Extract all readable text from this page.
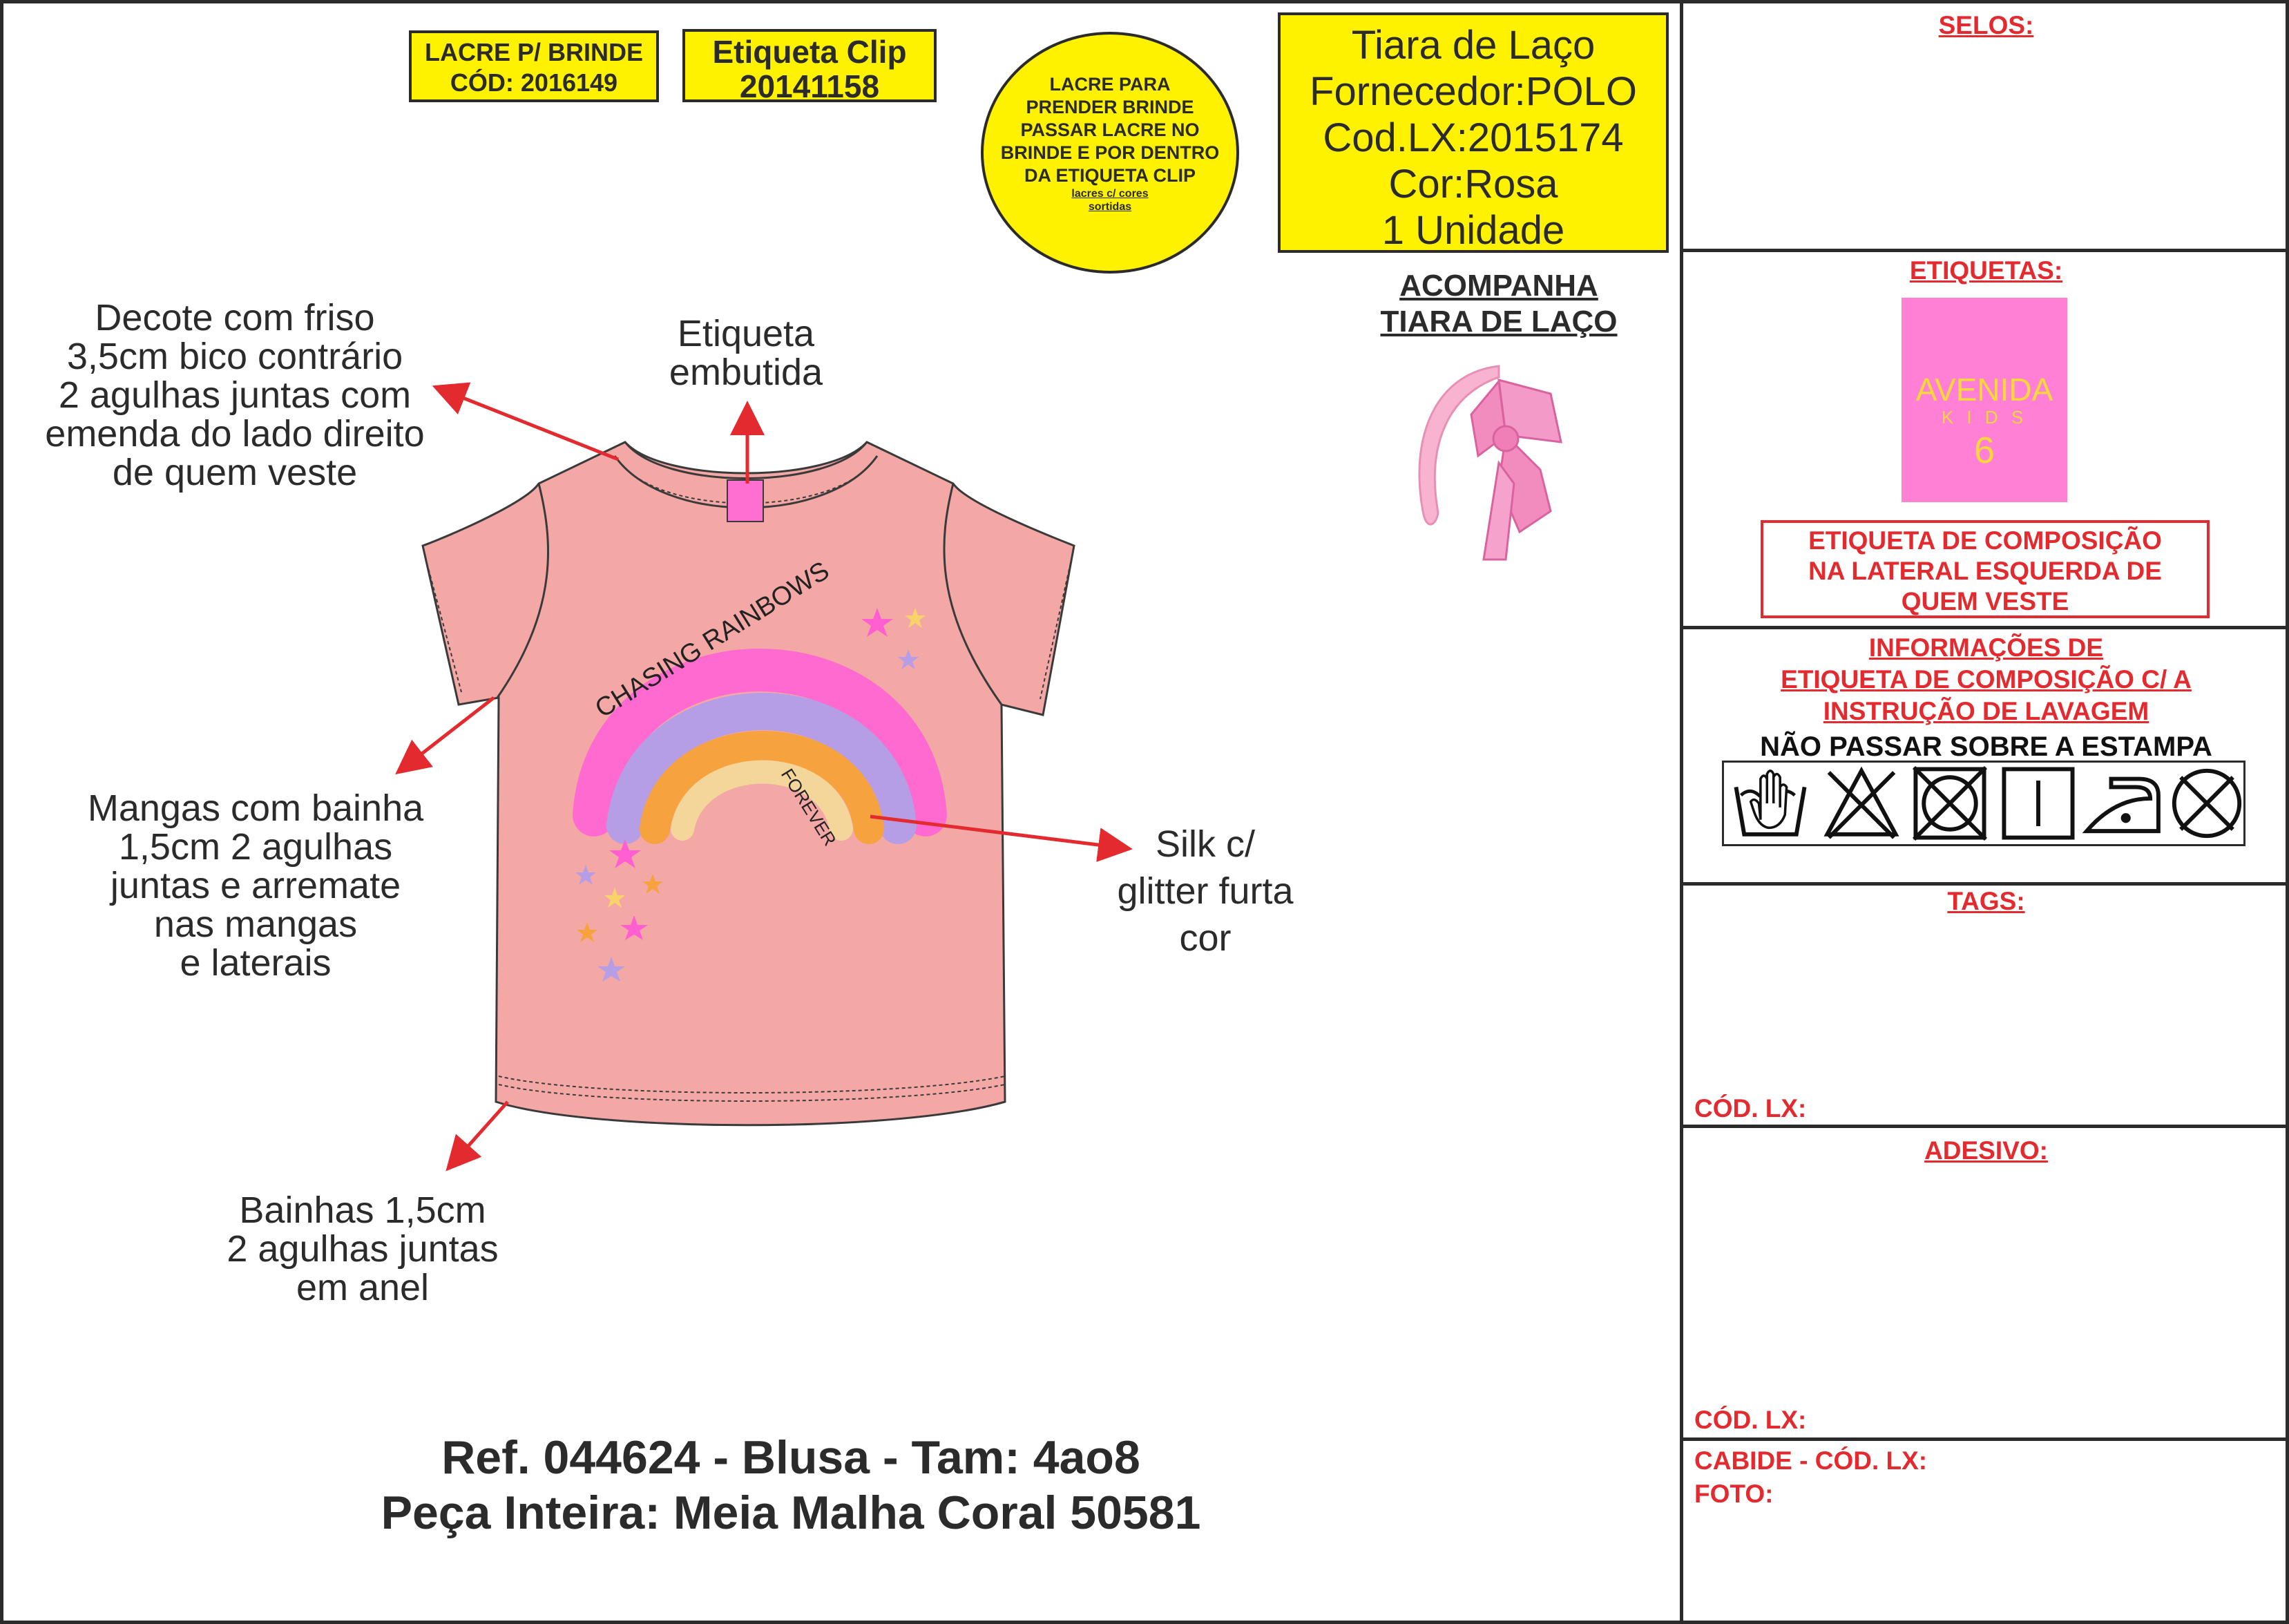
LACRE P/ BRINDE
CÓD: 2016149
Etiqueta Clip
20141158	LACRE PARA
PRENDER BRINDE
PASSAR LACRE NO
BRINDE E POR DENTRO
DA ETIQUETA CLIP
lacres c/ cores
sortidas
Tiara de Laço
Fornecedor:POLO
Cod.LX:2015174
Cor:Rosa
1 Unidade
ACOMPANHA
TIARA DE LAÇO
Decote com friso
3,5cm bico contrário
2 agulhas juntas com
emenda do lado direito
de quem veste
Etiqueta
embutida
Mangas com bainha
1,5cm 2 agulhas
juntas e arremate
nas mangas
e laterais
Silk c/
glitter furta
cor
Bainhas 1,5cm
2 agulhas juntas
em anel
CHASING RAINBOWS
FOREVER
Ref. 044624 - Blusa - Tam: 4ao8
Peça Inteira: Meia Malha Coral 50581
SELOS:
ETIQUETAS:
AVENIDA
K I D S
6
ETIQUETA DE COMPOSIÇÃO
NA LATERAL ESQUERDA DE
QUEM VESTE
INFORMAÇÕES DE
ETIQUETA DE COMPOSIÇÃO C/ A
INSTRUÇÃO DE LAVAGEM
NÃO PASSAR SOBRE A ESTAMPA
TAGS:
CÓD. LX:
ADESIVO:
CÓD. LX:
CABIDE - CÓD. LX:
FOTO:
